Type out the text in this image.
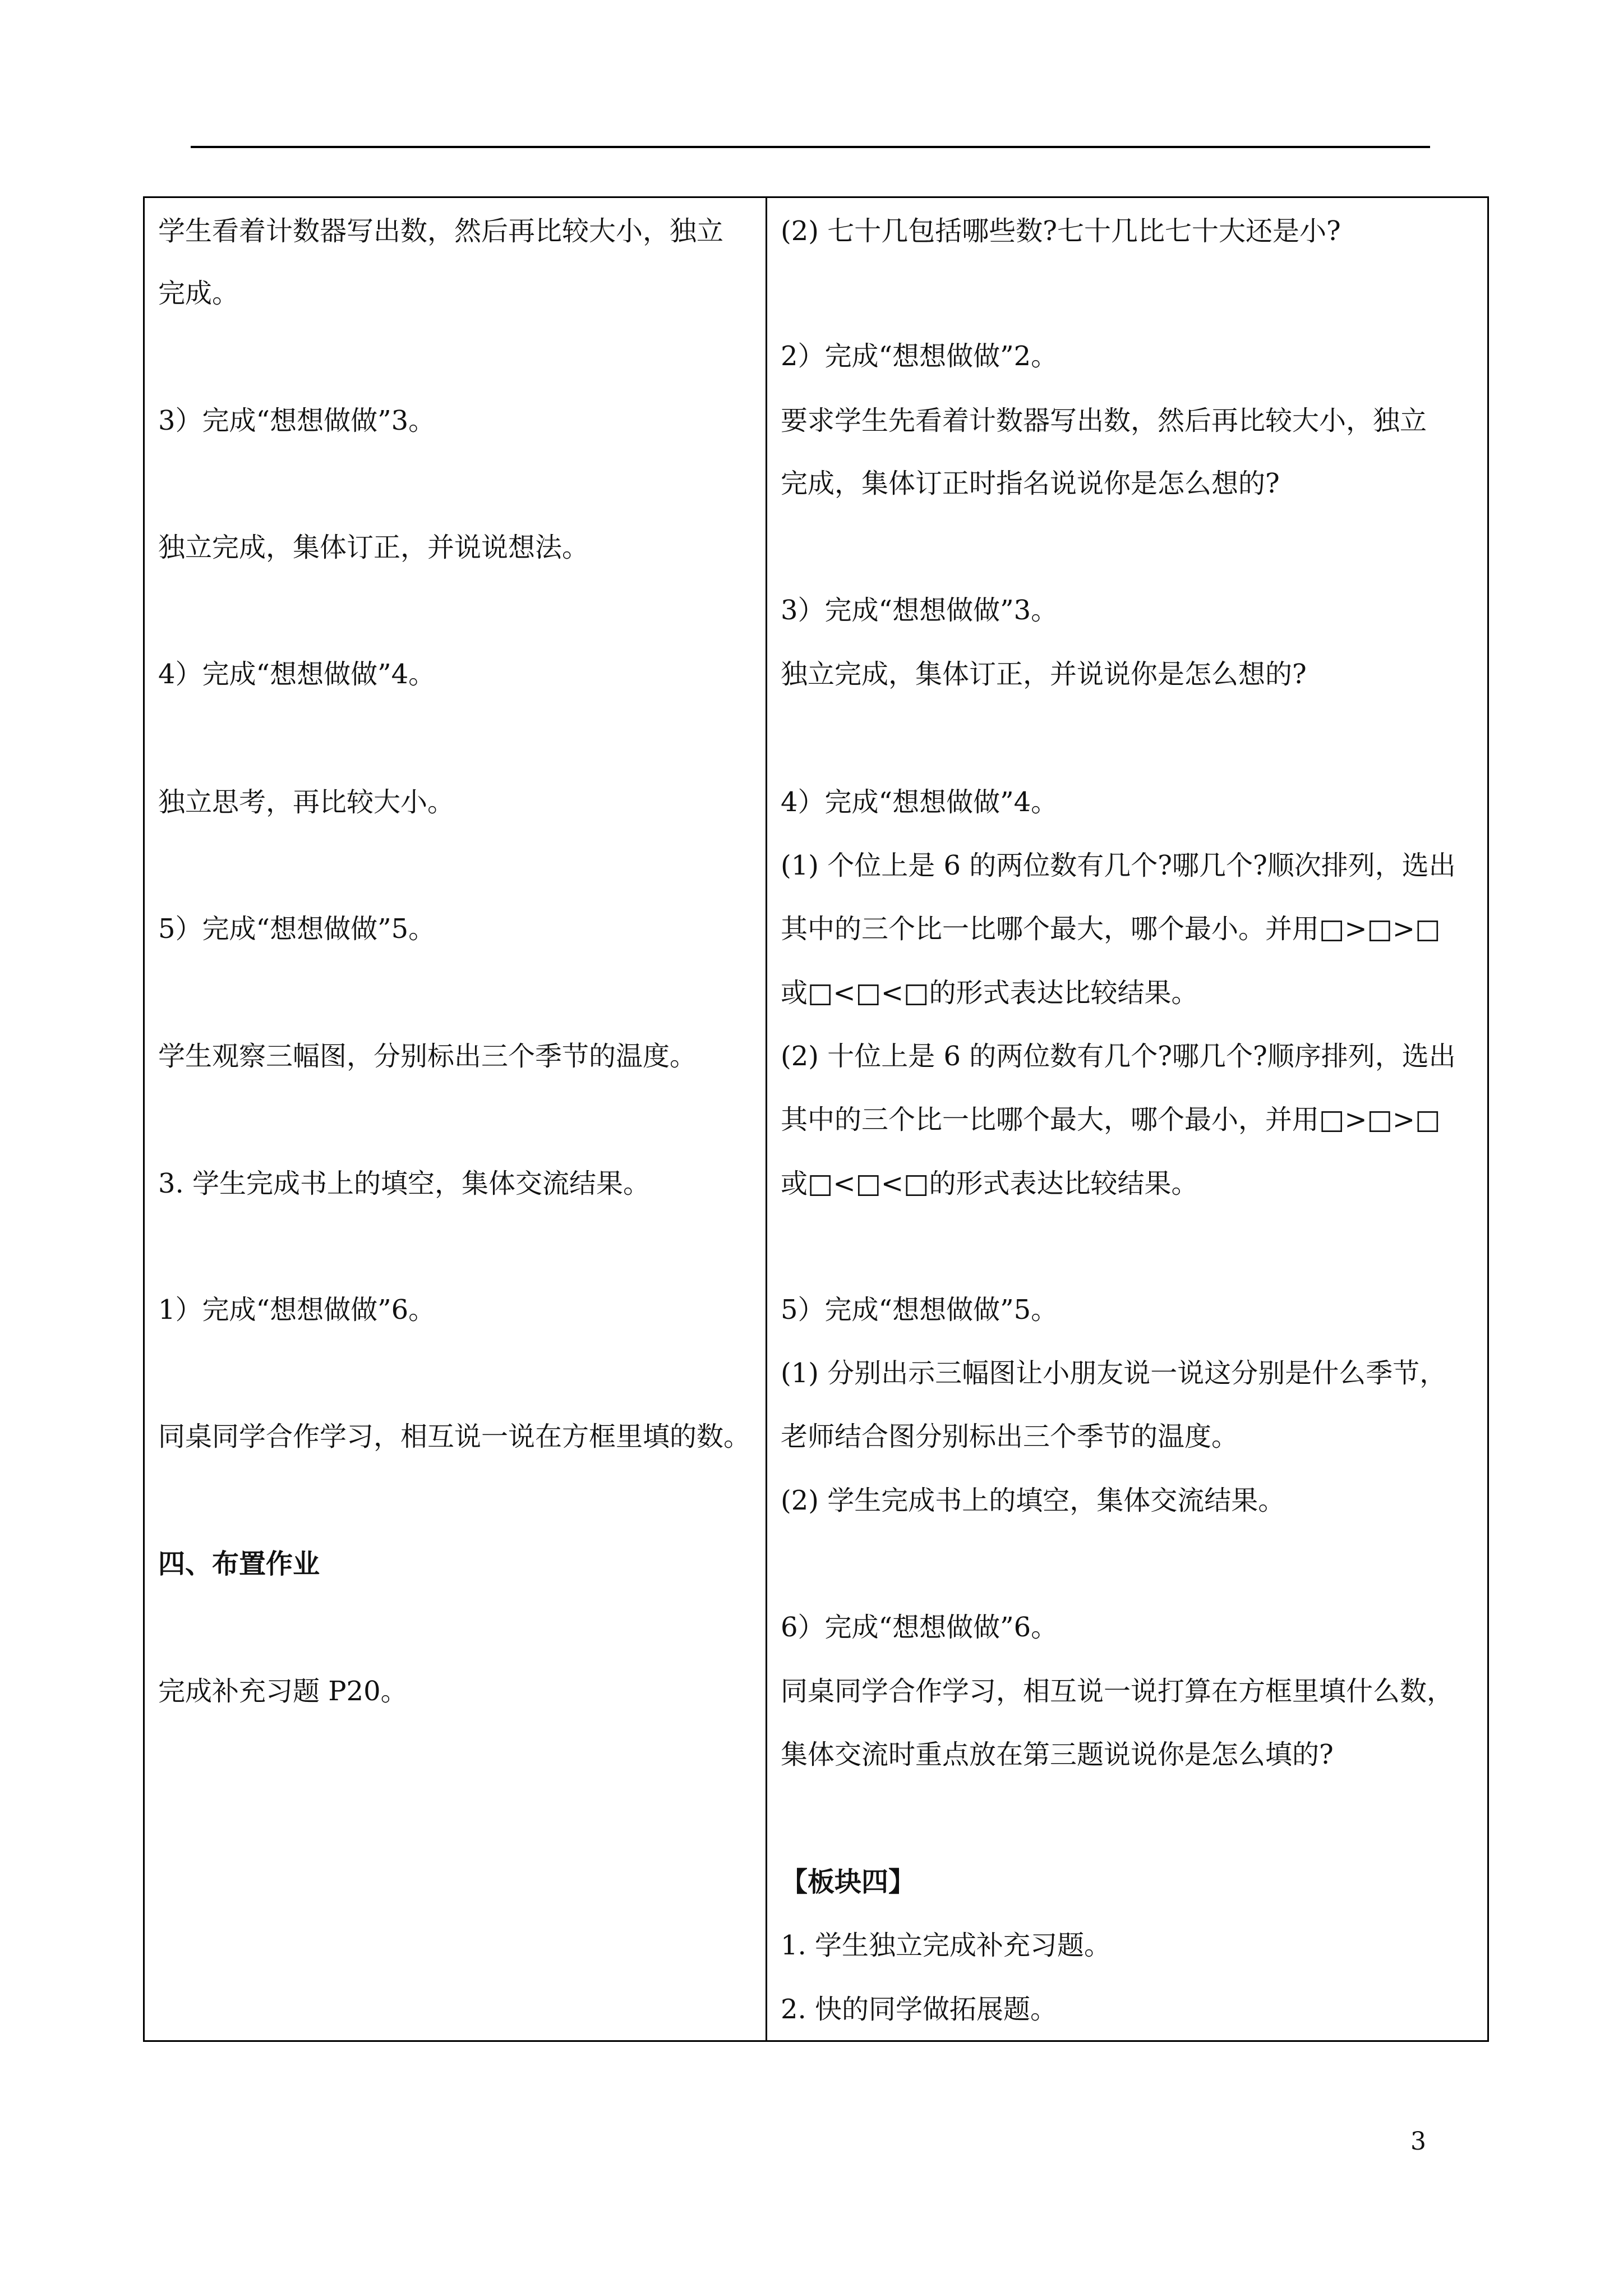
学生看着计数器写出数，然后再比较大小，独立
完成。
3）完成“想想做做”3。
独立完成，集体订正，并说说想法。
4）完成“想想做做”4。
独立思考，再比较大小。
5）完成“想想做做”5。
学生观察三幅图，分别标出三个季节的温度。
3. 学生完成书上的填空，集体交流结果。
1）完成“想想做做”6。
同桌同学合作学习，相互说一说在方框里填的数。
四、布置作业
完成补充习题 P20。
(2) 七十几包括哪些数?七十几比七十大还是小?
2）完成“想想做做”2。
要求学生先看着计数器写出数，然后再比较大小，独立
完成，集体订正时指名说说你是怎么想的?
3）完成“想想做做”3。
独立完成，集体订正，并说说你是怎么想的?
4）完成“想想做做”4。
(1) 个位上是 6 的两位数有几个?哪几个?顺次排列，选出
其中的三个比一比哪个最大，哪个最小。并用□>□>□
或□<□<□的形式表达比较结果。
(2) 十位上是 6 的两位数有几个?哪几个?顺序排列，选出
其中的三个比一比哪个最大，哪个最小，并用□>□>□
或□<□<□的形式表达比较结果。
5）完成“想想做做”5。
(1) 分别出示三幅图让小朋友说一说这分别是什么季节，
老师结合图分别标出三个季节的温度。
(2) 学生完成书上的填空，集体交流结果。
6）完成“想想做做”6。
同桌同学合作学习，相互说一说打算在方框里填什么数，
集体交流时重点放在第三题说说你是怎么填的?
【板块四】
1. 学生独立完成补充习题。
2. 快的同学做拓展题。
3
